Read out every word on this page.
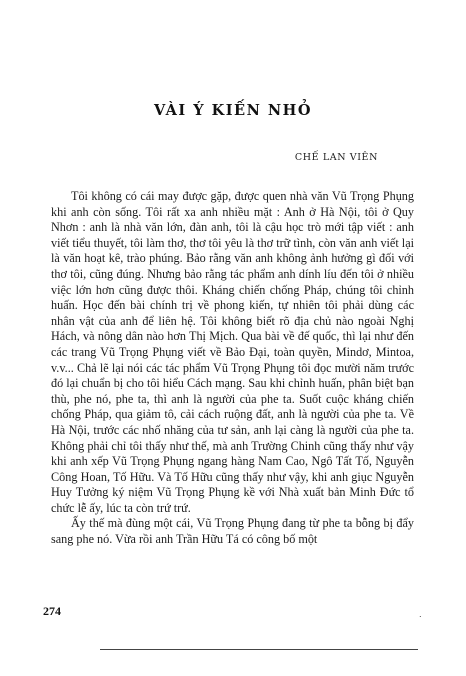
VÀI Ý KIẾN NHỎ
CHẾ LAN VIÊN

Tôi không có cái may được gặp, được quen nhà văn Vũ Trọng Phụng khi anh còn sống. Tôi rất xa anh nhiều mặt : Anh ở Hà Nội, tôi ở Quy Nhơn : anh là nhà văn lớn, đàn anh, tôi là cậu học trò mới tập viết : anh viết tiểu thuyết, tôi làm thơ, thơ tôi yêu là thơ trữ tình, còn văn anh viết lại là văn hoạt kê, trào phúng. Bảo rằng văn anh không ảnh hưởng gì đối với thơ tôi, cũng đúng. Nhưng bảo rằng tác phẩm anh dính líu đến tôi ở nhiều việc lớn hơn cũng được thôi. Kháng chiến chống Pháp, chúng tôi chỉnh huấn. Học đến bài chính trị về phong kiến, tự nhiên tôi phải dùng các nhân vật của anh để liên hệ. Tôi không biết rõ địa chủ nào ngoài Nghị Hách, và nông dân nào hơn Thị Mịch. Qua bài về đế quốc, thì lại như đến các trang Vũ Trọng Phụng viết về Bảo Đại, toàn quyền, Mindơ, Mintoa, v.v... Chả lẽ lại nói các tác phẩm Vũ Trọng Phụng tôi đọc mười năm trước đó lại chuẩn bị cho tôi hiểu Cách mạng. Sau khi chỉnh huấn, phân biệt bạn thù, phe nó, phe ta, thì anh là người của phe ta. Suốt cuộc kháng chiến chống Pháp, qua giảm tô, cải cách ruộng đất, anh là người của phe ta. Về Hà Nội, trước các nhố nhăng của tư sản, anh lại càng là người của phe ta. Không phải chỉ tôi thấy như thế, mà anh Trường Chinh cũng thấy như vậy khi anh xếp Vũ Trọng Phụng ngang hàng Nam Cao, Ngô Tất Tố, Nguyễn Công Hoan, Tố Hữu. Và Tố Hữu cũng thấy như vậy, khi anh giục Nguyễn Huy Tưởng ký niệm Vũ Trọng Phụng kề với Nhà xuất bản Minh Đức tổ chức lễ ấy, lúc ta còn trứ trứ.

Ấy thế mà đùng một cái, Vũ Trọng Phụng đang từ phe ta bỗng bị đẩy sang phe nó. Vừa rồi anh Trần Hữu Tá có công bố một

274	.
